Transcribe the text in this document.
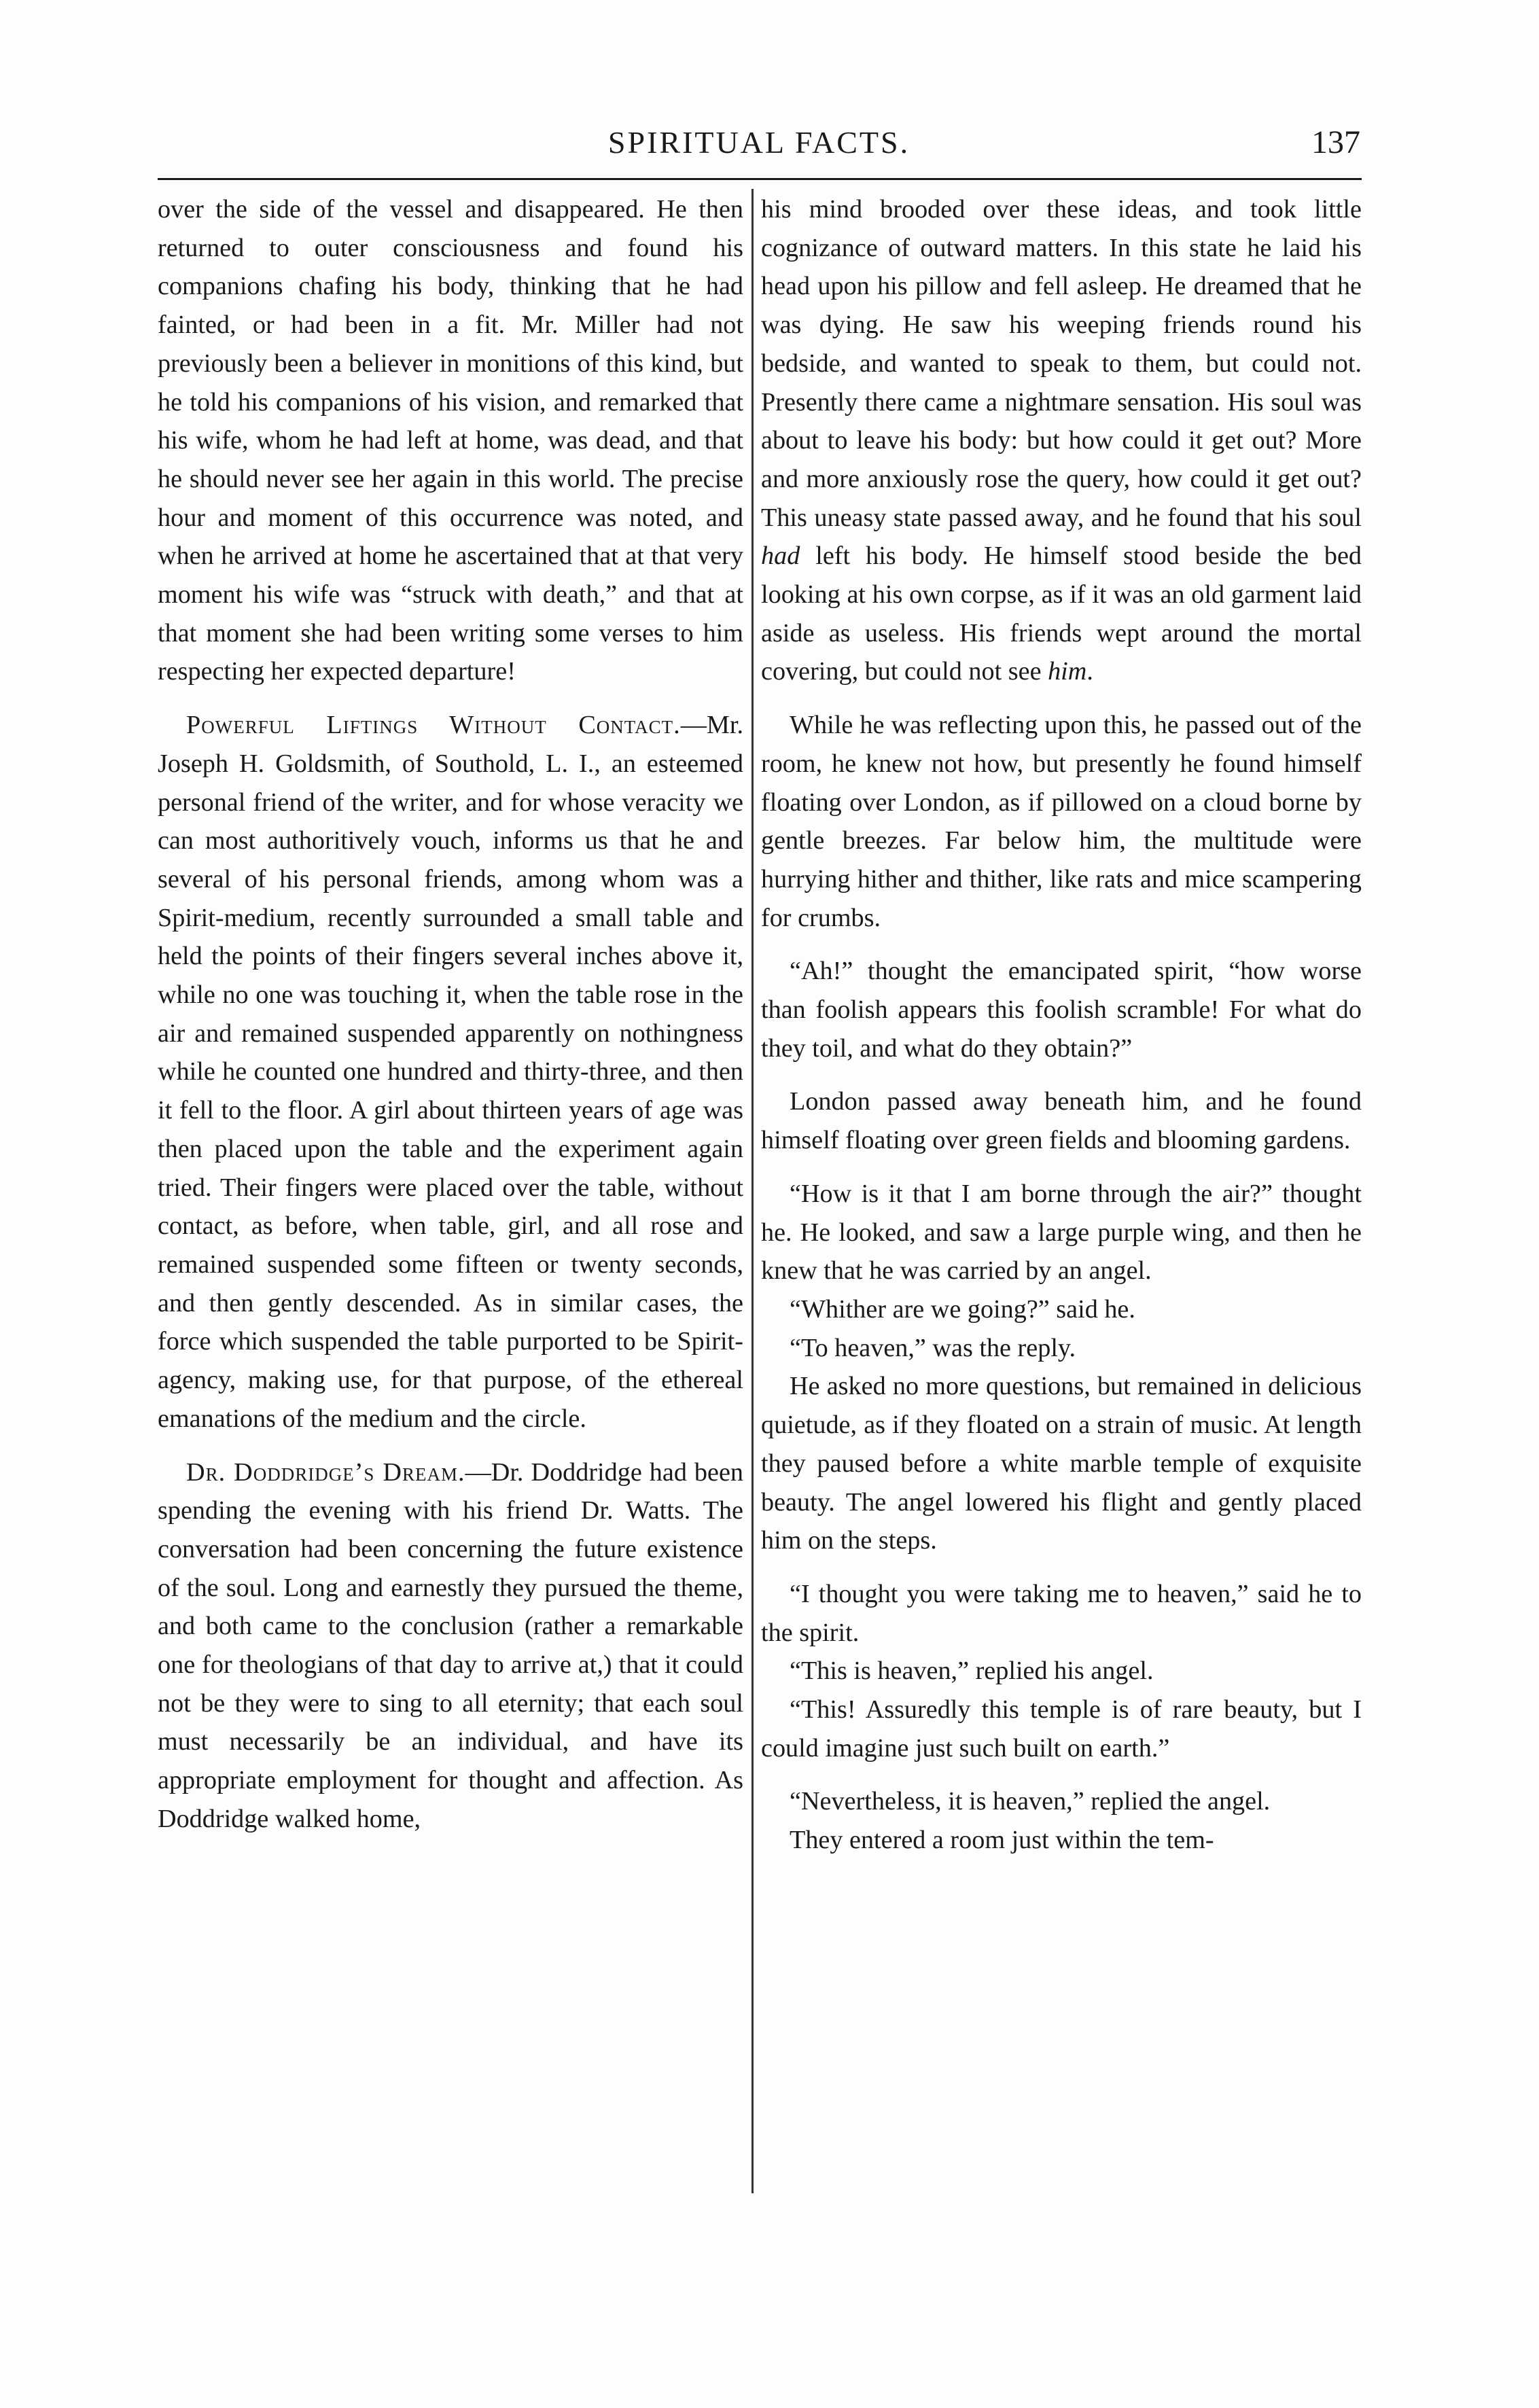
SPIRITUAL FACTS.	137

over the side of the vessel and disappeared. He then returned to outer consciousness and found his companions chafing his body, thinking that he had fainted, or had been in a fit. Mr. Miller had not previously been a believer in monitions of this kind, but he told his companions of his vision, and remarked that his wife, whom he had left at home, was dead, and that he should never see her again in this world. The precise hour and moment of this occurrence was noted, and when he arrived at home he ascertained that at that very moment his wife was “struck with death,” and that at that moment she had been writing some verses to him respecting her expected departure!

Powerful Liftings Without Contact.—Mr. Joseph H. Goldsmith, of Southold, L. I., an esteemed personal friend of the writer, and for whose veracity we can most authoritively vouch, informs us that he and several of his personal friends, among whom was a Spirit-medium, recently surrounded a small table and held the points of their fingers several inches above it, while no one was touching it, when the table rose in the air and remained suspended apparently on nothingness while he counted one hundred and thirty-three, and then it fell to the floor. A girl about thirteen years of age was then placed upon the table and the experiment again tried. Their fingers were placed over the table, without contact, as before, when table, girl, and all rose and remained suspended some fifteen or twenty seconds, and then gently descended. As in similar cases, the force which suspended the table purported to be Spirit-agency, making use, for that purpose, of the ethereal emanations of the medium and the circle.

Dr. Doddridge’s Dream.—Dr. Doddridge had been spending the evening with his friend Dr. Watts. The conversation had been concerning the future existence of the soul. Long and earnestly they pursued the theme, and both came to the conclusion (rather a remarkable one for theologians of that day to arrive at,) that it could not be they were to sing to all eternity; that each soul must necessarily be an individual, and have its appropriate employment for thought and affection. As Doddridge walked home,

his mind brooded over these ideas, and took little cognizance of outward matters. In this state he laid his head upon his pillow and fell asleep. He dreamed that he was dying. He saw his weeping friends round his bedside, and wanted to speak to them, but could not. Presently there came a nightmare sensation. His soul was about to leave his body: but how could it get out? More and more anxiously rose the query, how could it get out? This uneasy state passed away, and he found that his soul had left his body. He himself stood beside the bed looking at his own corpse, as if it was an old garment laid aside as useless. His friends wept around the mortal covering, but could not see him.

While he was reflecting upon this, he passed out of the room, he knew not how, but presently he found himself floating over London, as if pillowed on a cloud borne by gentle breezes. Far below him, the multitude were hurrying hither and thither, like rats and mice scampering for crumbs.

“Ah!” thought the emancipated spirit, “how worse than foolish appears this foolish scramble! For what do they toil, and what do they obtain?”

London passed away beneath him, and he found himself floating over green fields and blooming gardens.

“How is it that I am borne through the air?” thought he. He looked, and saw a large purple wing, and then he knew that he was carried by an angel.

“Whither are we going?” said he.

“To heaven,” was the reply.

He asked no more questions, but remained in delicious quietude, as if they floated on a strain of music. At length they paused before a white marble temple of exquisite beauty. The angel lowered his flight and gently placed him on the steps.

“I thought you were taking me to heaven,” said he to the spirit.

“This is heaven,” replied his angel.

“This! Assuredly this temple is of rare beauty, but I could imagine just such built on earth.”

“Nevertheless, it is heaven,” replied the angel.

They entered a room just within the tem-
